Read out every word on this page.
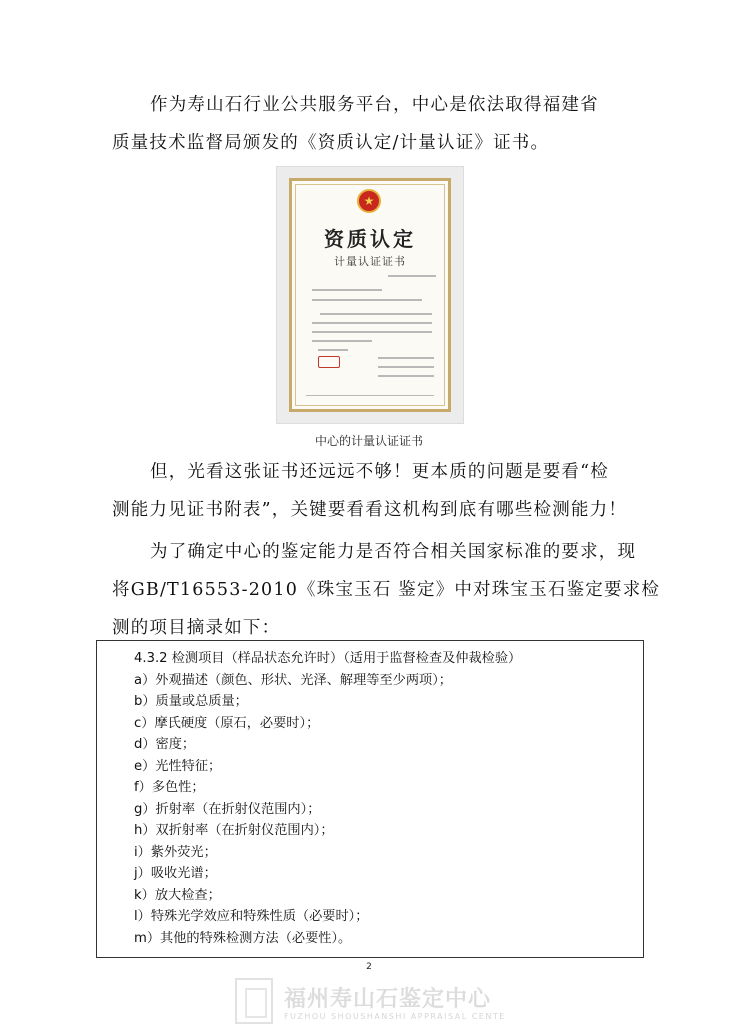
作为寿山石行业公共服务平台，中心是依法取得福建省
质量技术监督局颁发的《资质认定/计量认证》证书。

★
资质认定
计量认证证书
中心的计量认证证书

但，光看这张证书还远远不够！更本质的问题是要看“检
测能力见证书附表”，关键要看看这机构到底有哪些检测能力！

为了确定中心的鉴定能力是否符合相关国家标准的要求，现
将GB/T16553-2010《珠宝玉石 鉴定》中对珠宝玉石鉴定要求检
测的项目摘录如下：

4.3.2 检测项目（样品状态允许时）（适用于监督检查及仲裁检验）
a）外观描述（颜色、形状、光泽、解理等至少两项）；
b）质量或总质量；
c）摩氏硬度（原石，必要时）；
d）密度；
e）光性特征；
f）多色性；
g）折射率（在折射仪范围内）；
h）双折射率（在折射仪范围内）；
i）紫外荧光；
j）吸收光谱；
k）放大检查；
l）特殊光学效应和特殊性质（必要时）；
m）其他的特殊检测方法（必要性）。
2
福州寿山石鉴定中心
FUZHOU SHOUSHANSHI APPRAISAL CENTE
